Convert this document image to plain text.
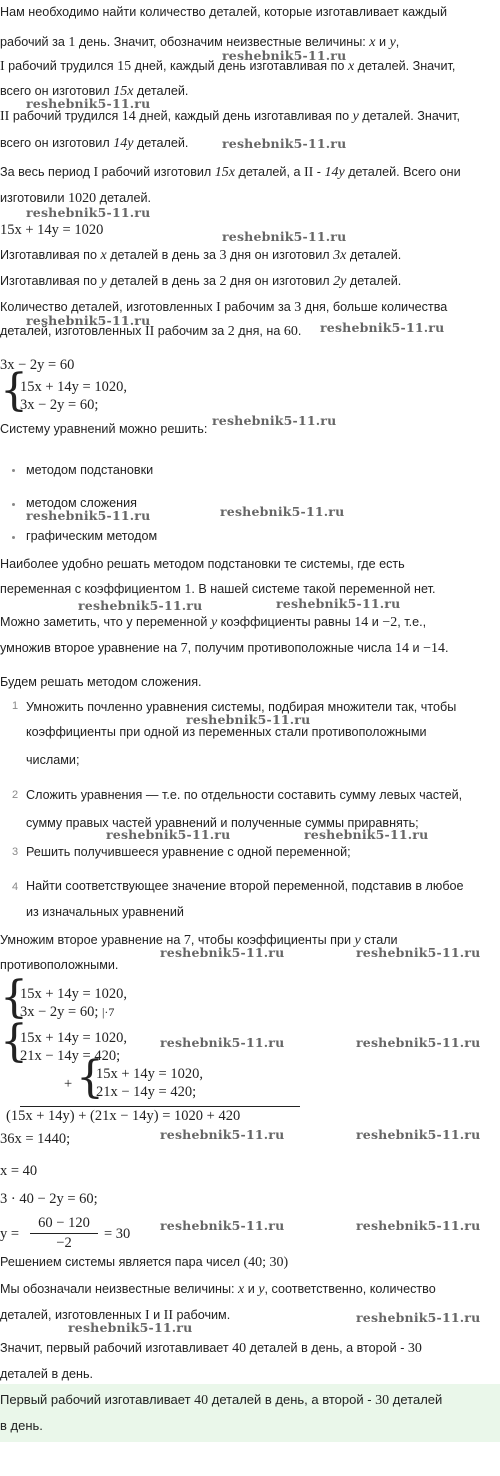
Нам необходимо найти количество деталей, которые изготавливает каждый
рабочий за 1 день. Значит, обозначим неизвестные величины: x и y,
I рабочий трудился 15 дней, каждый день изготавливая по x деталей. Значит,
всего он изготовил 15x деталей.
II рабочий трудился 14 дней, каждый день изготавливая по y деталей. Значит,
всего он изготовил 14y деталей.
За весь период I рабочий изготовил 15x деталей, а II - 14y деталей. Всего они
изготовили 1020 деталей.
15x + 14y = 1020
Изготавливая по x деталей в день за 3 дня он изготовил 3x деталей.
Изготавливая по y деталей в день за 2 дня он изготовил 2y деталей.
Количество деталей, изготовленных I рабочим за 3 дня, больше количества
деталей, изготовленных II рабочим за 2 дня, на 60.
3x − 2y = 60
{
15x + 14y = 1020,
3x − 2y = 60;
Систему уравнений можно решить:
методом подстановки
методом сложения
графическим методом
Наиболее удобно решать методом подстановки те системы, где есть
переменная с коэффициентом 1. В нашей системе такой переменной нет.
Можно заметить, что у переменной y коэффициенты равны 14 и −2, т.е.,
умножив второе уравнение на 7, получим противоположные числа 14 и −14.
Будем решать методом сложения.
1 Умножить почленно уравнения системы, подбирая множители так, чтобы
коэффициенты при одной из переменных стали противоположными
числами;
2 Сложить уравнения — т.е. по отдельности составить сумму левых частей,
сумму правых частей уравнений и полученные суммы приравнять;
3 Решить получившееся уравнение с одной переменной;
4 Найти соответствующее значение второй переменной, подставив в любое
из изначальных уравнений
Умножим второе уравнение на 7, чтобы коэффициенты при y стали
противоположными.
{
15x + 14y = 1020,
3x − 2y = 60; |·7
{
15x + 14y = 1020,
21x − 14y = 420;
+ {
15x + 14y = 1020,
21x − 14y = 420;
(15x + 14y) + (21x − 14y) = 1020 + 420
36x = 1440;
x = 40
3 · 40 − 2y = 60;
y =
60 − 120
−2
= 30
Решением системы является пара чисел (40; 30)
Мы обозначали неизвестные величины: x и y, соответственно, количество
деталей, изготовленных I и II рабочим.
Значит, первый рабочий изготавливает 40 деталей в день, а второй - 30
деталей в день.
Первый рабочий изготавливает 40 деталей в день, а второй - 30 деталей
в день.
reshebnik5-11.ru
reshebnik5-11.ru
reshebnik5-11.ru
reshebnik5-11.ru
reshebnik5-11.ru
reshebnik5-11.ru	reshebnik5-11.ru
reshebnik5-11.ru
reshebnik5-11.ru	reshebnik5-11.ru
reshebnik5-11.ru	reshebnik5-11.ru
reshebnik5-11.ru
reshebnik5-11.ru	reshebnik5-11.ru
reshebnik5-11.ru	reshebnik5-11.ru
reshebnik5-11.ru	reshebnik5-11.ru
reshebnik5-11.ru	reshebnik5-11.ru
reshebnik5-11.ru	reshebnik5-11.ru
reshebnik5-11.ru
reshebnik5-11.ru
